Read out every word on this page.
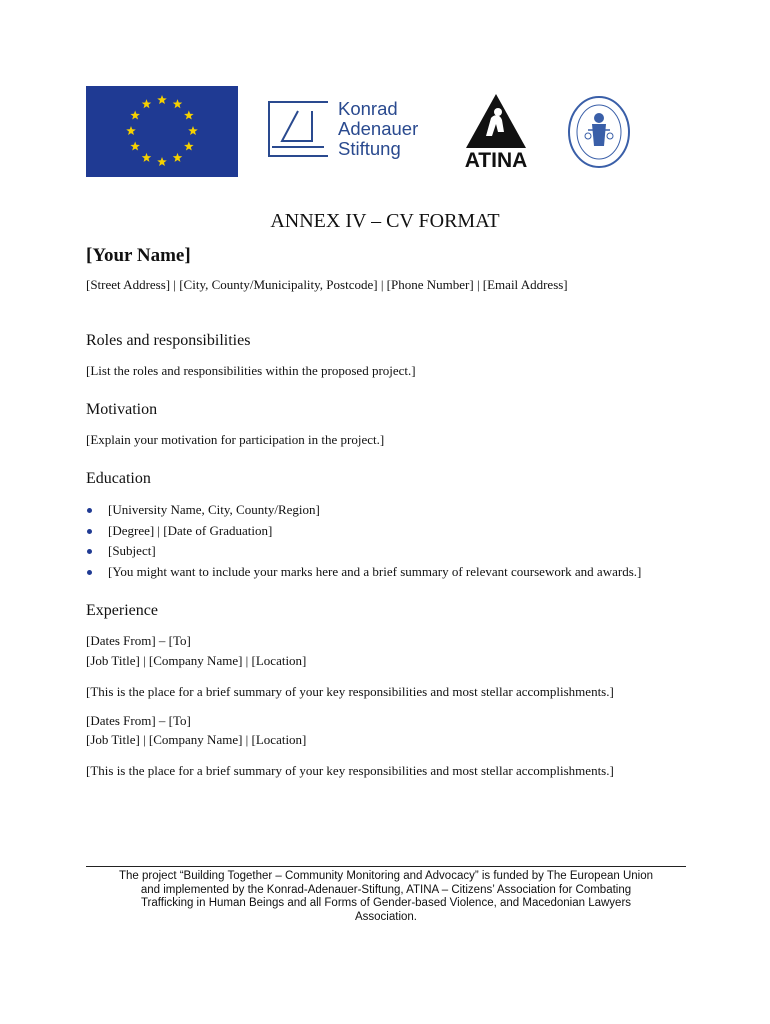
Konrad
Adenauer
Stiftung
ATINA
ANNEX IV – CV FORMAT
[Your Name]
[Street Address] | [City, County/Municipality, Postcode] | [Phone Number] | [Email Address]
Roles and responsibilities
[List the roles and responsibilities within the proposed project.]
Motivation
[Explain your motivation for participation in the project.]
Education
[University Name, City, County/Region]
[Degree] | [Date of Graduation]
[Subject]
[You might want to include your marks here and a brief summary of relevant coursework and awards.]
Experience
[Dates From] – [To]
[Job Title] | [Company Name] | [Location]
[This is the place for a brief summary of your key responsibilities and most stellar accomplishments.]
[Dates From] – [To]
[Job Title] | [Company Name] | [Location]
[This is the place for a brief summary of your key responsibilities and most stellar accomplishments.]
The project “Building Together – Community Monitoring and Advocacy” is funded by The European Union
and implemented by the Konrad-Adenauer-Stiftung, ATINA – Citizens’ Association for Combating
Trafficking in Human Beings and all Forms of Gender-based Violence, and Macedonian Lawyers
Association.
